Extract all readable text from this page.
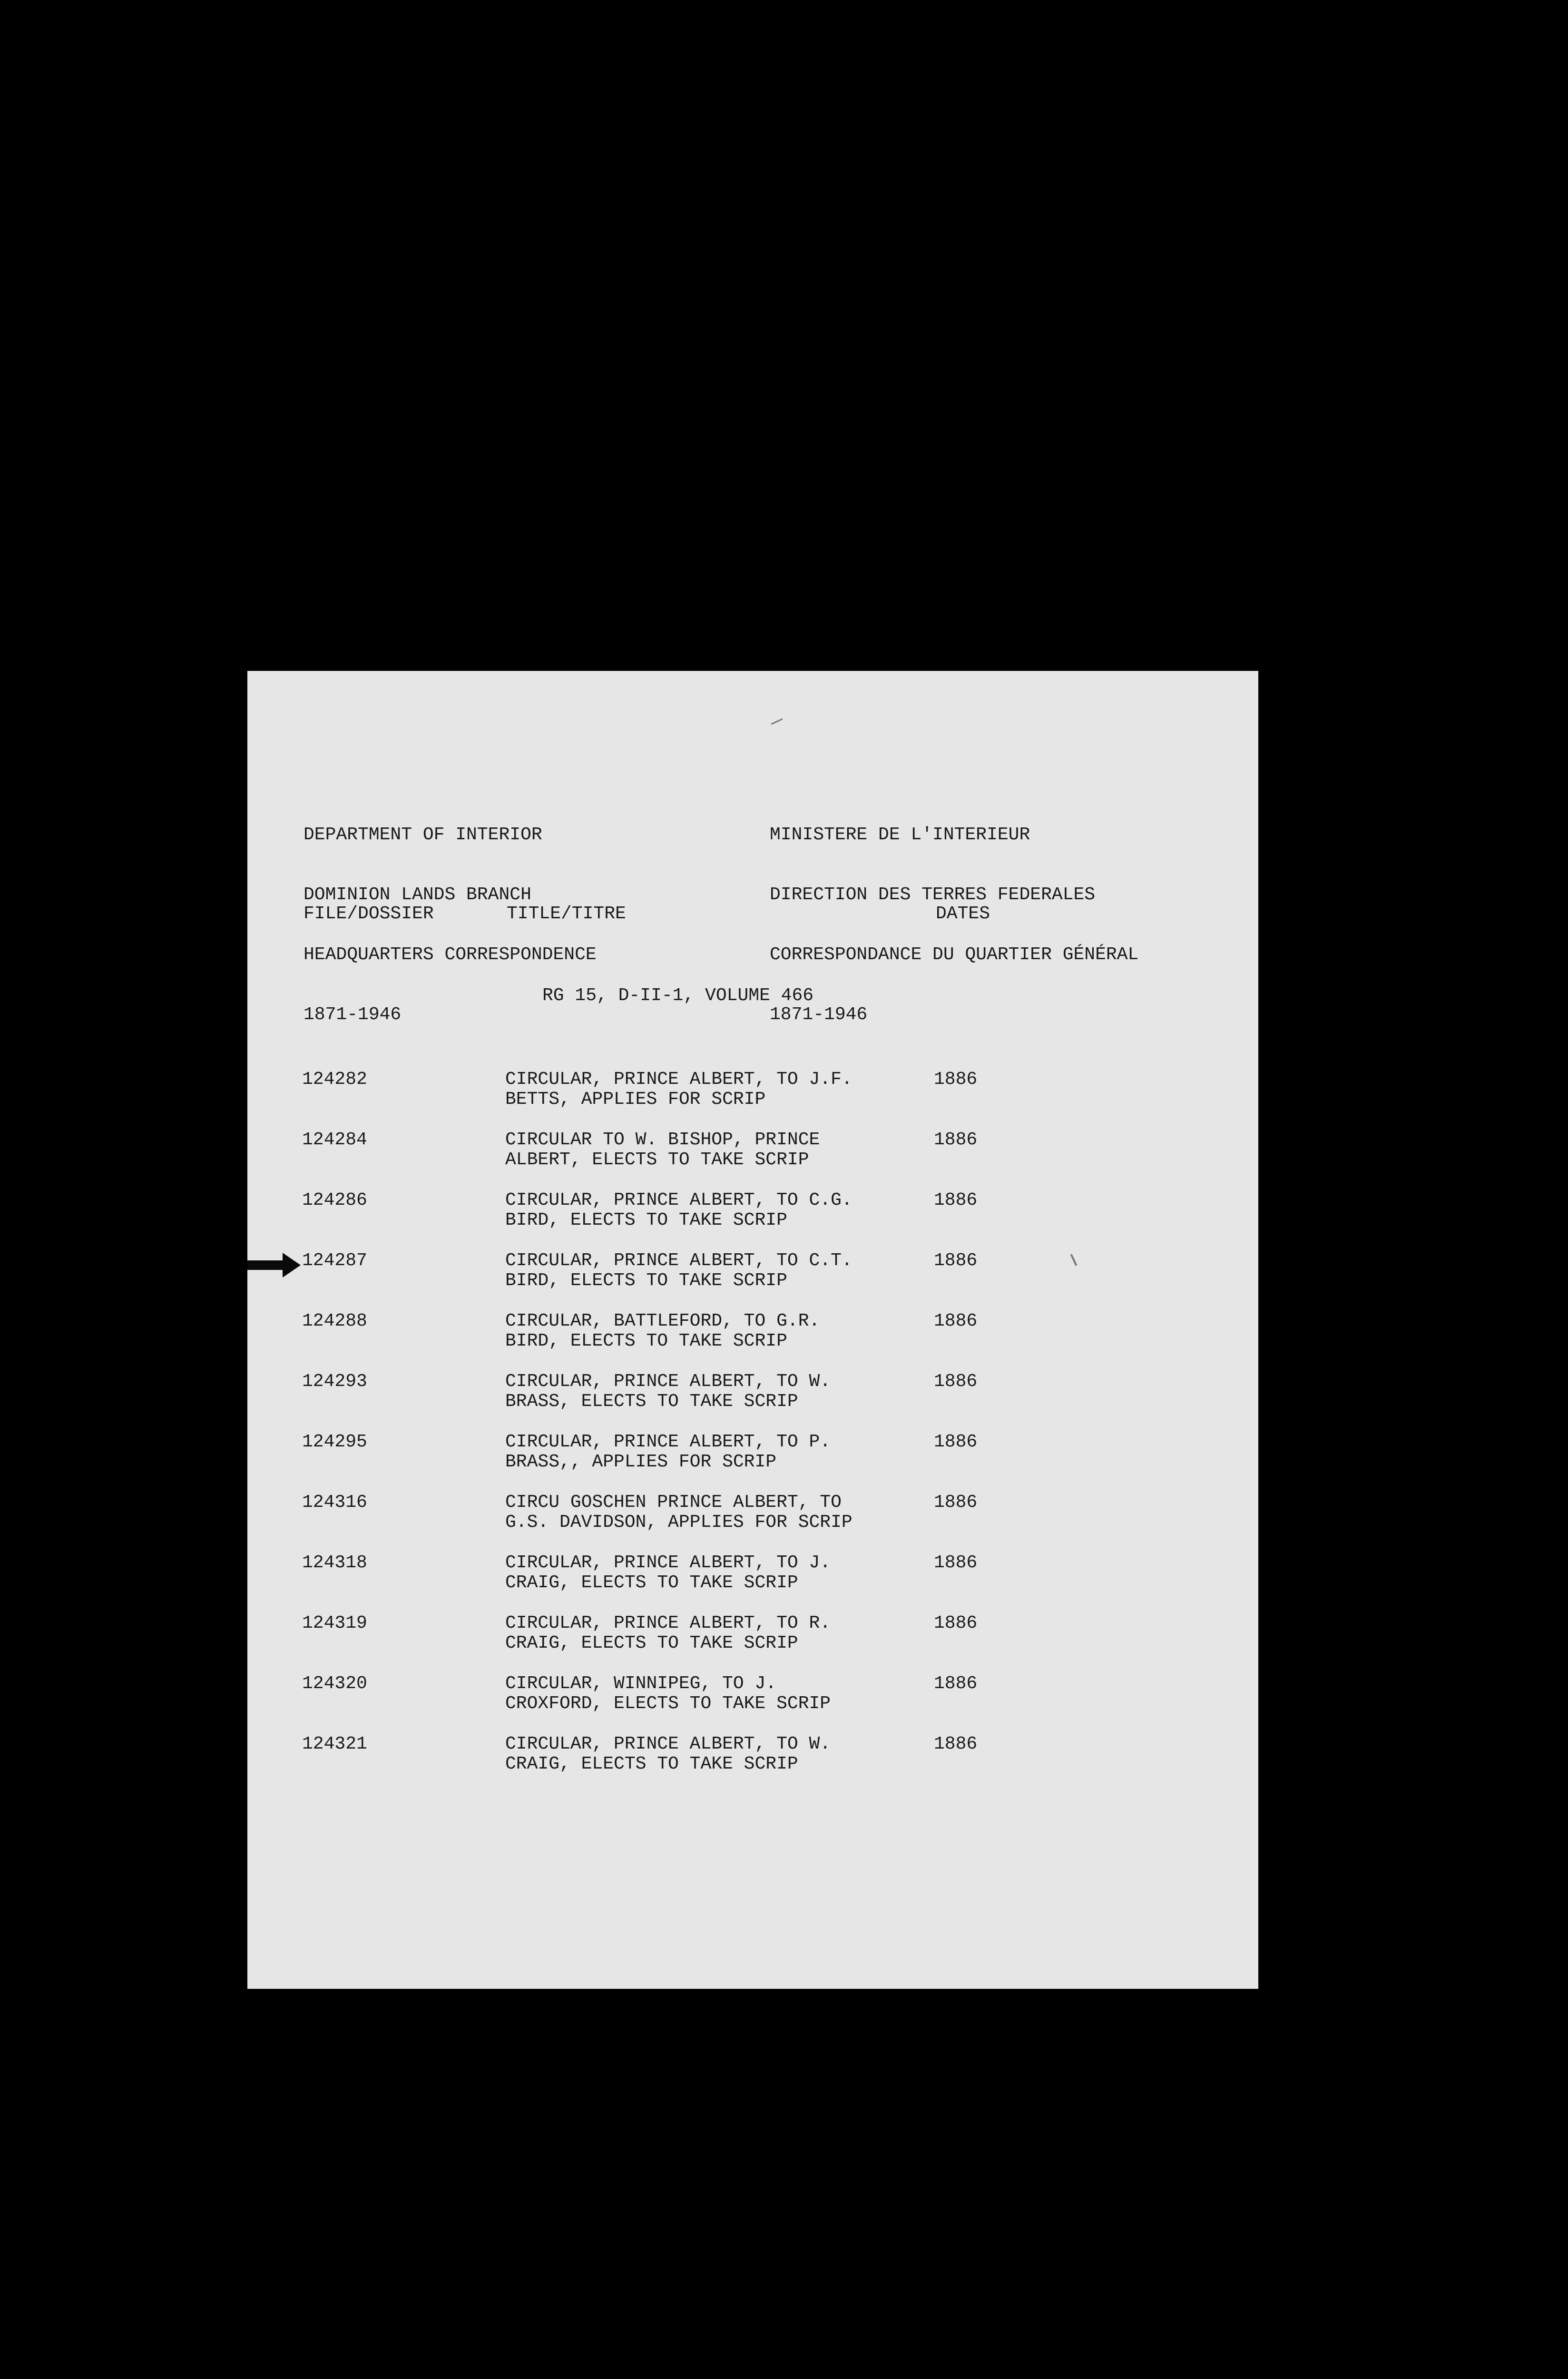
DEPARTMENT OF INTERIOR

DOMINION LANDS BRANCH

HEADQUARTERS CORRESPONDENCE

1871-1946

MINISTERE DE L'INTERIEUR

DIRECTION DES TERRES FEDERALES

CORRESPONDANCE DU QUARTIER GÉNÉRAL

1871-1946

FILE/DOSSIER	TITLE/TITRE	DATES
RG 15, D-II-1, VOLUME 466
124282	CIRCULAR, PRINCE ALBERT, TO J.F.
BETTS, APPLIES FOR SCRIP
1886
124284	CIRCULAR TO W. BISHOP, PRINCE
ALBERT, ELECTS TO TAKE SCRIP
1886
124286	CIRCULAR, PRINCE ALBERT, TO C.G.
BIRD, ELECTS TO TAKE SCRIP
1886
124287	CIRCULAR, PRINCE ALBERT, TO C.T.
BIRD, ELECTS TO TAKE SCRIP
1886
124288	CIRCULAR, BATTLEFORD, TO G.R.
BIRD, ELECTS TO TAKE SCRIP
1886
124293	CIRCULAR, PRINCE ALBERT, TO W.
BRASS, ELECTS TO TAKE SCRIP
1886
124295	CIRCULAR, PRINCE ALBERT, TO P.
BRASS,, APPLIES FOR SCRIP
1886
124316	CIRCU GOSCHEN PRINCE ALBERT, TO
G.S. DAVIDSON, APPLIES FOR SCRIP
1886
124318	CIRCULAR, PRINCE ALBERT, TO J.
CRAIG, ELECTS TO TAKE SCRIP
1886
124319	CIRCULAR, PRINCE ALBERT, TO R.
CRAIG, ELECTS TO TAKE SCRIP
1886
124320	CIRCULAR, WINNIPEG, TO J.
CROXFORD, ELECTS TO TAKE SCRIP
1886
124321	CIRCULAR, PRINCE ALBERT, TO W.
CRAIG, ELECTS TO TAKE SCRIP
1886
